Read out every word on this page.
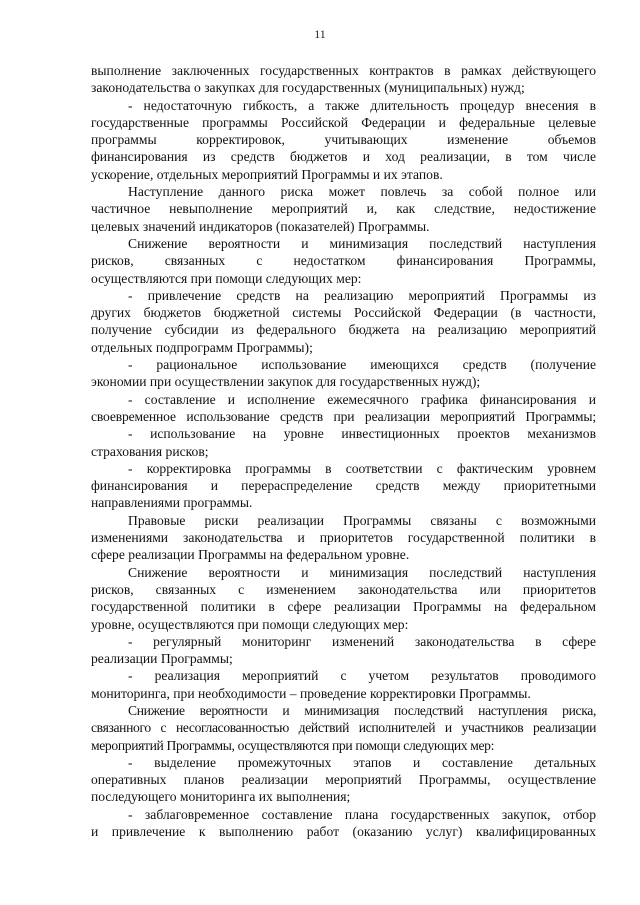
11
выполнение заключенных государственных контрактов в рамках действующего
законодательства о закупках для государственных (муниципальных) нужд;
- недостаточную гибкость, а также длительность процедур внесения в
государственные программы Российской Федерации и федеральные целевые
программы корректировок, учитывающих изменение объемов
финансирования из средств бюджетов и ход реализации, в том числе
ускорение, отдельных мероприятий Программы и их этапов.
Наступление данного риска может повлечь за собой полное или
частичное невыполнение мероприятий и, как следствие, недостижение
целевых значений индикаторов (показателей) Программы.
Снижение вероятности и минимизация последствий наступления
рисков, связанных с недостатком финансирования Программы,
осуществляются при помощи следующих мер:
- привлечение средств на реализацию мероприятий Программы из
других бюджетов бюджетной системы Российской Федерации (в частности,
получение субсидии из федерального бюджета на реализацию мероприятий
отдельных подпрограмм Программы);
- рациональное использование имеющихся средств (получение
экономии при осуществлении закупок для государственных нужд);
- составление и исполнение ежемесячного графика финансирования и
своевременное использование средств при реализации мероприятий Программы;
- использование на уровне инвестиционных проектов механизмов
страхования рисков;
- корректировка программы в соответствии с фактическим уровнем
финансирования и перераспределение средств между приоритетными
направлениями программы.
Правовые риски реализации Программы связаны с возможными
изменениями законодательства и приоритетов государственной политики в
сфере реализации Программы на федеральном уровне.
Снижение вероятности и минимизация последствий наступления
рисков, связанных с изменением законодательства или приоритетов
государственной политики в сфере реализации Программы на федеральном
уровне, осуществляются при помощи следующих мер:
- регулярный мониторинг изменений законодательства в сфере
реализации Программы;
- реализация мероприятий с учетом результатов проводимого
мониторинга, при необходимости – проведение корректировки Программы.
Снижение вероятности и минимизация последствий наступления риска,
связанного с несогласованностью действий исполнителей и участников реализации
мероприятий Программы, осуществляются при помощи следующих мер:
- выделение промежуточных этапов и составление детальных
оперативных планов реализации мероприятий Программы, осуществление
последующего мониторинга их выполнения;
- заблаговременное составление плана государственных закупок, отбор
и привлечение к выполнению работ (оказанию услуг) квалифицированных
